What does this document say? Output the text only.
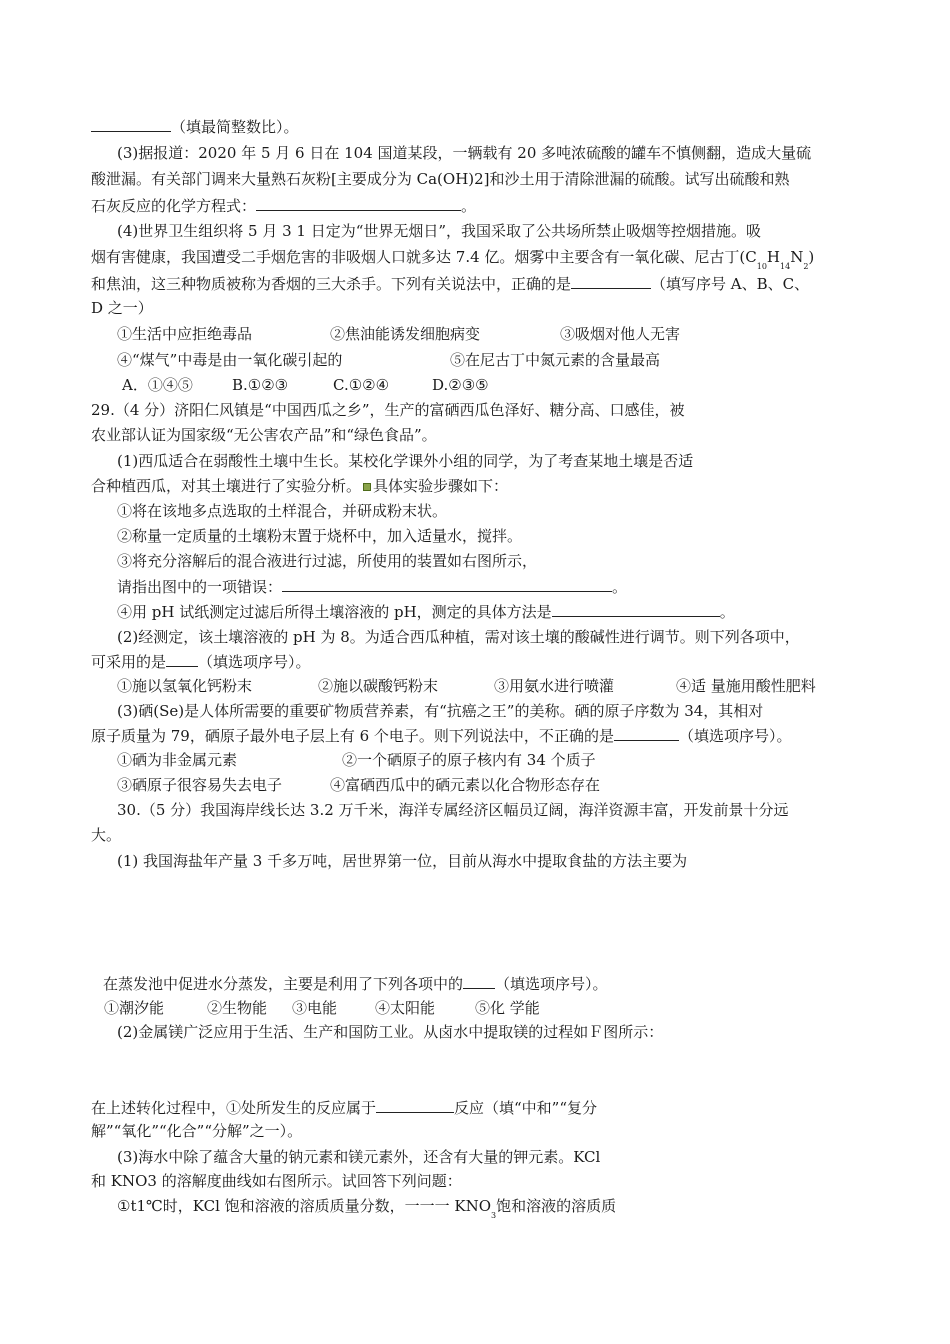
（填最简整数比）。
(3)据报道：2020 年 5 月 6 日在 104 国道某段，一辆载有 20 多吨浓硫酸的罐车不慎侧翻，造成大量硫
酸泄漏。有关部门调来大量熟石灰粉[主要成分为 Ca(OH)2]和沙土用于清除泄漏的硫酸。试写出硫酸和熟
石灰反应的化学方程式：	。
(4)世界卫生组织将 5 月 3 1 日定为“世界无烟日”，我国采取了公共场所禁止吸烟等控烟措施。吸
烟有害健康，我国遭受二手烟危害的非吸烟人口就多达 7.4 亿。烟雾中主要含有一氧化碳、尼古丁$(C_{10}H_{14}N_2)$
和焦油，这三种物质被称为香烟的三大杀手。下列有关说法中，正确的是	（填写序号 A、B、C、
D 之一）
①生活中应拒绝毒品	②焦油能诱发细胞病变	③吸烟对他人无害
④“煤气”中毒是由一氧化碳引起的	⑤在尼古丁中氮元素的含量最高
A．①④⑤	B.①②③	C.①②④	D.②③⑤
29.（4 分）济阳仁风镇是“中国西瓜之乡”，生产的富硒西瓜色泽好、糖分高、口感佳，被
农业部认证为国家级“无公害农产品”和“绿色食品”。
(1)西瓜适合在弱酸性土壤中生长。某校化学课外小组的同学，为了考查某地土壤是否适
合种植西瓜，对其土壤进行了实验分析。 具体实验步骤如下：
①将在该地多点选取的土样混合，并研成粉末状。
②称量一定质量的土壤粉末置于烧杯中，加入适量水，搅拌。
③将充分溶解后的混合液进行过滤，所使用的装置如右图所示，
请指出图中的一项错误：	。
④用 pH 试纸测定过滤后所得土壤溶液的 pH，测定的具体方法是	。
(2)经测定，该土壤溶液的 pH 为 8。为适合西瓜种植，需对该土壤的酸碱性进行调节。则下列各项中，
可采用的是 （填选项序号）。
①施以氢氧化钙粉末	②施以碳酸钙粉末	③用氨水进行喷灌	④适 量施用酸性肥料
(3)硒(Se)是人体所需要的重要矿物质营养素，有“抗癌之王”的美称。硒的原子序数为 34，其相对
原子质量为 79，硒原子最外电子层上有 6 个电子。则下列说法中，不正确的是	（填选项序号）。
①硒为非金属元素	②一个硒原子的原子核内有 34 个质子
③硒原子很容易失去电子	④富硒西瓜中的硒元素以化合物形态存在
30.（5 分）我国海岸线长达 3.2 万千米，海洋专属经济区幅员辽阔，海洋资源丰富，开发前景十分远
大。
(1) 我国海盐年产量 3 千多万吨，居世界第一位，目前从海水中提取食盐的方法主要为
在蒸发池中促进水分蒸发，主要是利用了下列各项中的 （填选项序号）。
①潮汐能	②生物能 ③电能	④太阳能	⑤化 学能
(2)金属镁广泛应用于生活、生产和国防工业。从卤水中提取镁的过程如Ｆ图所示：
在上述转化过程中，①处所发生的反应属于	反应（填“中和”“复分
解”“氧化”“化合”“分解”之一）。
(3)海水中除了蕴含大量的钠元素和镁元素外，还含有大量的钾元素。KCl
和 KNO3 的溶解度曲线如右图所示。试回答下列问题：
①t1℃时，KCl 饱和溶液的溶质质量分数，一一一 $KNO_3$饱和溶液的溶质质
